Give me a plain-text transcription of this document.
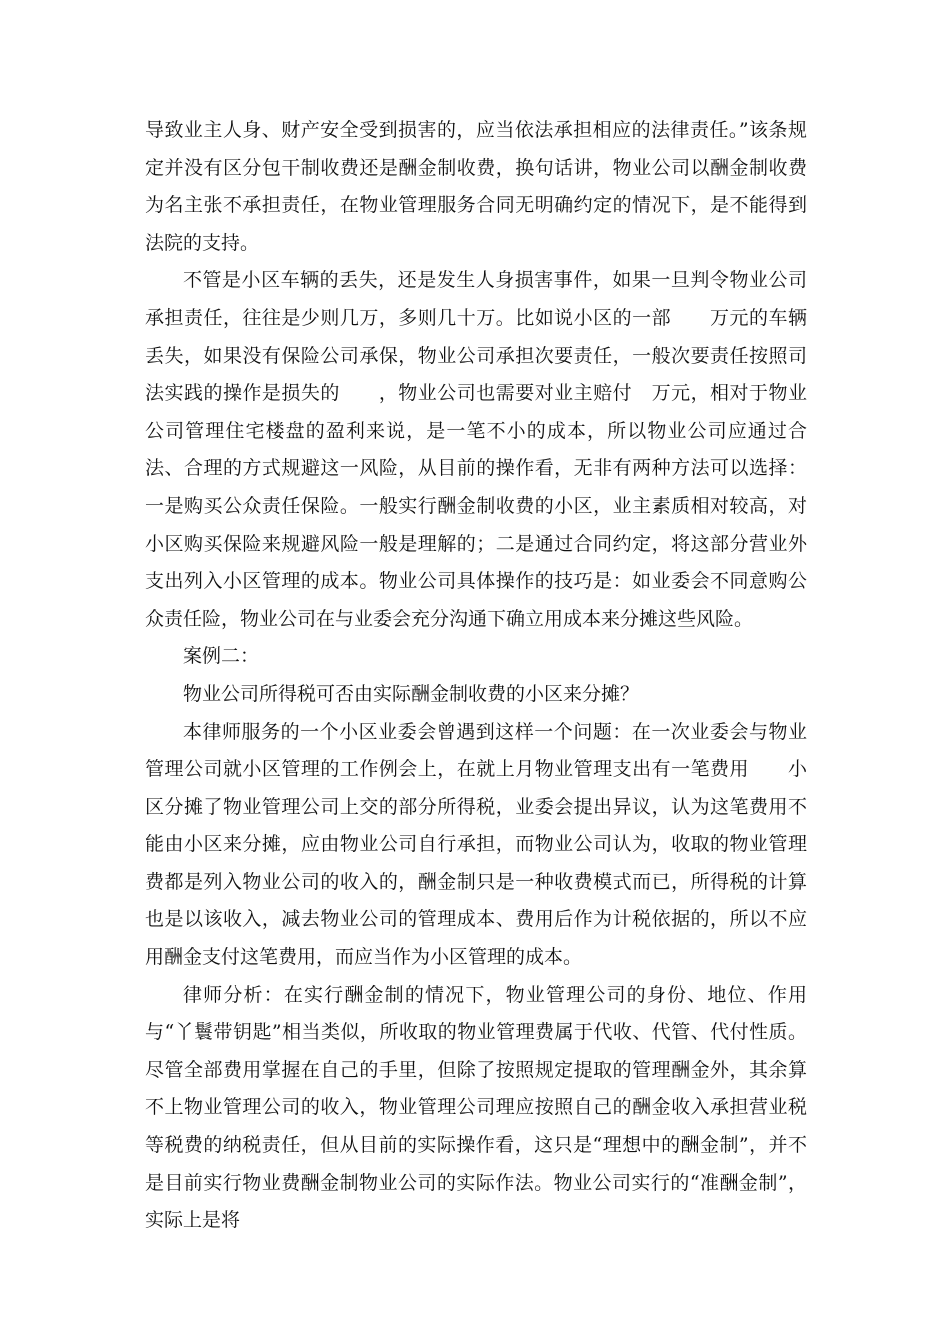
导致业主人身、财产安全受到损害的，应当依法承担相应的法律责任。”该条规定并没有区分包干制收费还是酬金制收费，换句话讲，物业公司以酬金制收费为名主张不承担责任，在物业管理服务合同无明确约定的情况下，是不能得到法院的支持。

不管是小区车辆的丢失，还是发生人身损害事件，如果一旦判令物业公司承担责任，往往是少则几万，多则几十万。比如说小区的一部　　万元的车辆丢失，如果没有保险公司承保，物业公司承担次要责任，一般次要责任按照司法实践的操作是损失的　　，物业公司也需要对业主赔付　万元，相对于物业公司管理住宅楼盘的盈利来说，是一笔不小的成本，所以物业公司应通过合法、合理的方式规避这一风险，从目前的操作看，无非有两种方法可以选择：一是购买公众责任保险。一般实行酬金制收费的小区，业主素质相对较高，对小区购买保险来规避风险一般是理解的；二是通过合同约定，将这部分营业外支出列入小区管理的成本。物业公司具体操作的技巧是：如业委会不同意购公众责任险，物业公司在与业委会充分沟通下确立用成本来分摊这些风险。

案例二：

物业公司所得税可否由实际酬金制收费的小区来分摊？

本律师服务的一个小区业委会曾遇到这样一个问题：在一次业委会与物业管理公司就小区管理的工作例会上，在就上月物业管理支出有一笔费用　　小区分摊了物业管理公司上交的部分所得税，业委会提出异议，认为这笔费用不能由小区来分摊，应由物业公司自行承担，而物业公司认为，收取的物业管理费都是列入物业公司的收入的，酬金制只是一种收费模式而已，所得税的计算也是以该收入，减去物业公司的管理成本、费用后作为计税依据的，所以不应用酬金支付这笔费用，而应当作为小区管理的成本。

律师分析：在实行酬金制的情况下，物业管理公司的身份、地位、作用与“丫鬟带钥匙”相当类似，所收取的物业管理费属于代收、代管、代付性质。尽管全部费用掌握在自己的手里，但除了按照规定提取的管理酬金外，其余算不上物业管理公司的收入，物业管理公司理应按照自己的酬金收入承担营业税等税费的纳税责任，但从目前的实际操作看，这只是“理想中的酬金制”，并不是目前实行物业费酬金制物业公司的实际作法。物业公司实行的“准酬金制”，实际上是将
